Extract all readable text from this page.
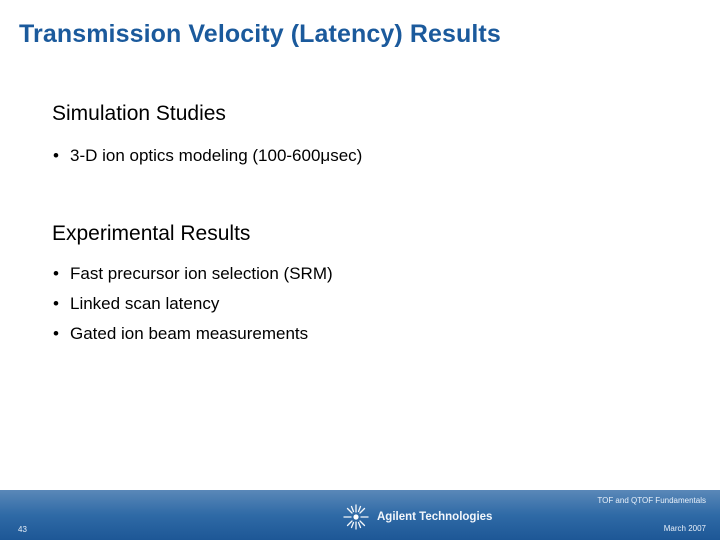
Transmission Velocity (Latency) Results
Simulation Studies
• 3-D ion optics modeling (100-600μsec)
Experimental Results
• Fast precursor ion selection (SRM)
• Linked scan latency
• Gated ion beam measurements
43
Agilent Technologies
TOF and QTOF Fundamentals
March 2007
